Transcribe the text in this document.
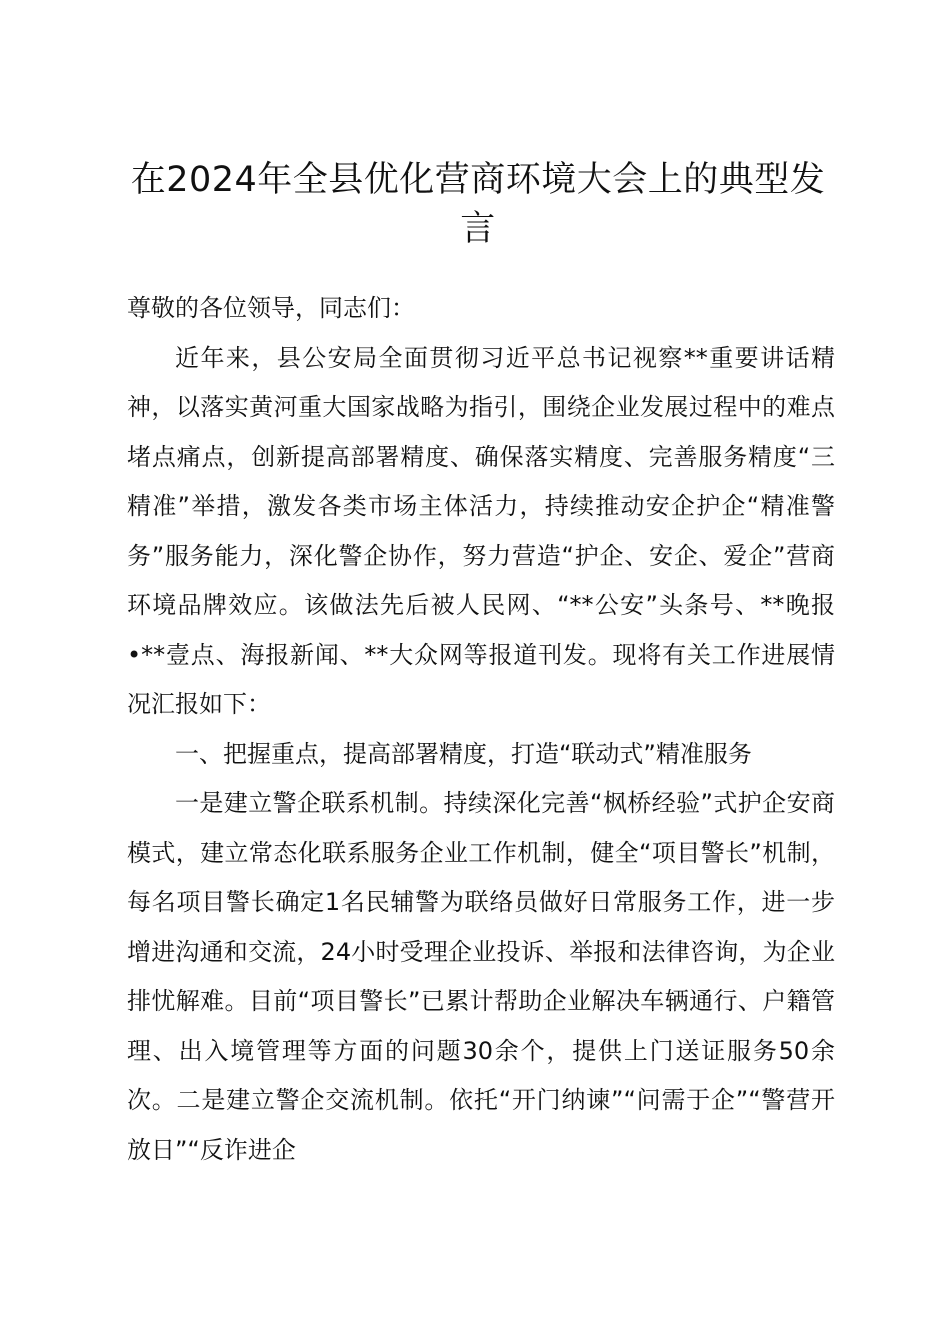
在2024年全县优化营商环境大会上的典型发言

尊敬的各位领导，同志们：

近年来，县公安局全面贯彻习近平总书记视察**重要讲话精神，以落实黄河重大国家战略为指引，围绕企业发展过程中的难点堵点痛点，创新提高部署精度、确保落实精度、完善服务精度“三精准”举措，激发各类市场主体活力，持续推动安企护企“精准警务”服务能力，深化警企协作，努力营造“护企、安企、爱企”营商环境品牌效应。该做法先后被人民网、“**公安”头条号、**晚报•**壹点、海报新闻、**大众网等报道刊发。现将有关工作进展情况汇报如下：

一、把握重点，提高部署精度，打造“联动式”精准服务

一是建立警企联系机制。持续深化完善“枫桥经验”式护企安商模式，建立常态化联系服务企业工作机制，健全“项目警长”机制，每名项目警长确定1名民辅警为联络员做好日常服务工作，进一步增进沟通和交流，24小时受理企业投诉、举报和法律咨询，为企业排忧解难。目前“项目警长”已累计帮助企业解决车辆通行、户籍管理、出入境管理等方面的问题30余个，提供上门送证服务50余次。二是建立警企交流机制。依托“开门纳谏”“问需于企”“警营开放日”“反诈进企
